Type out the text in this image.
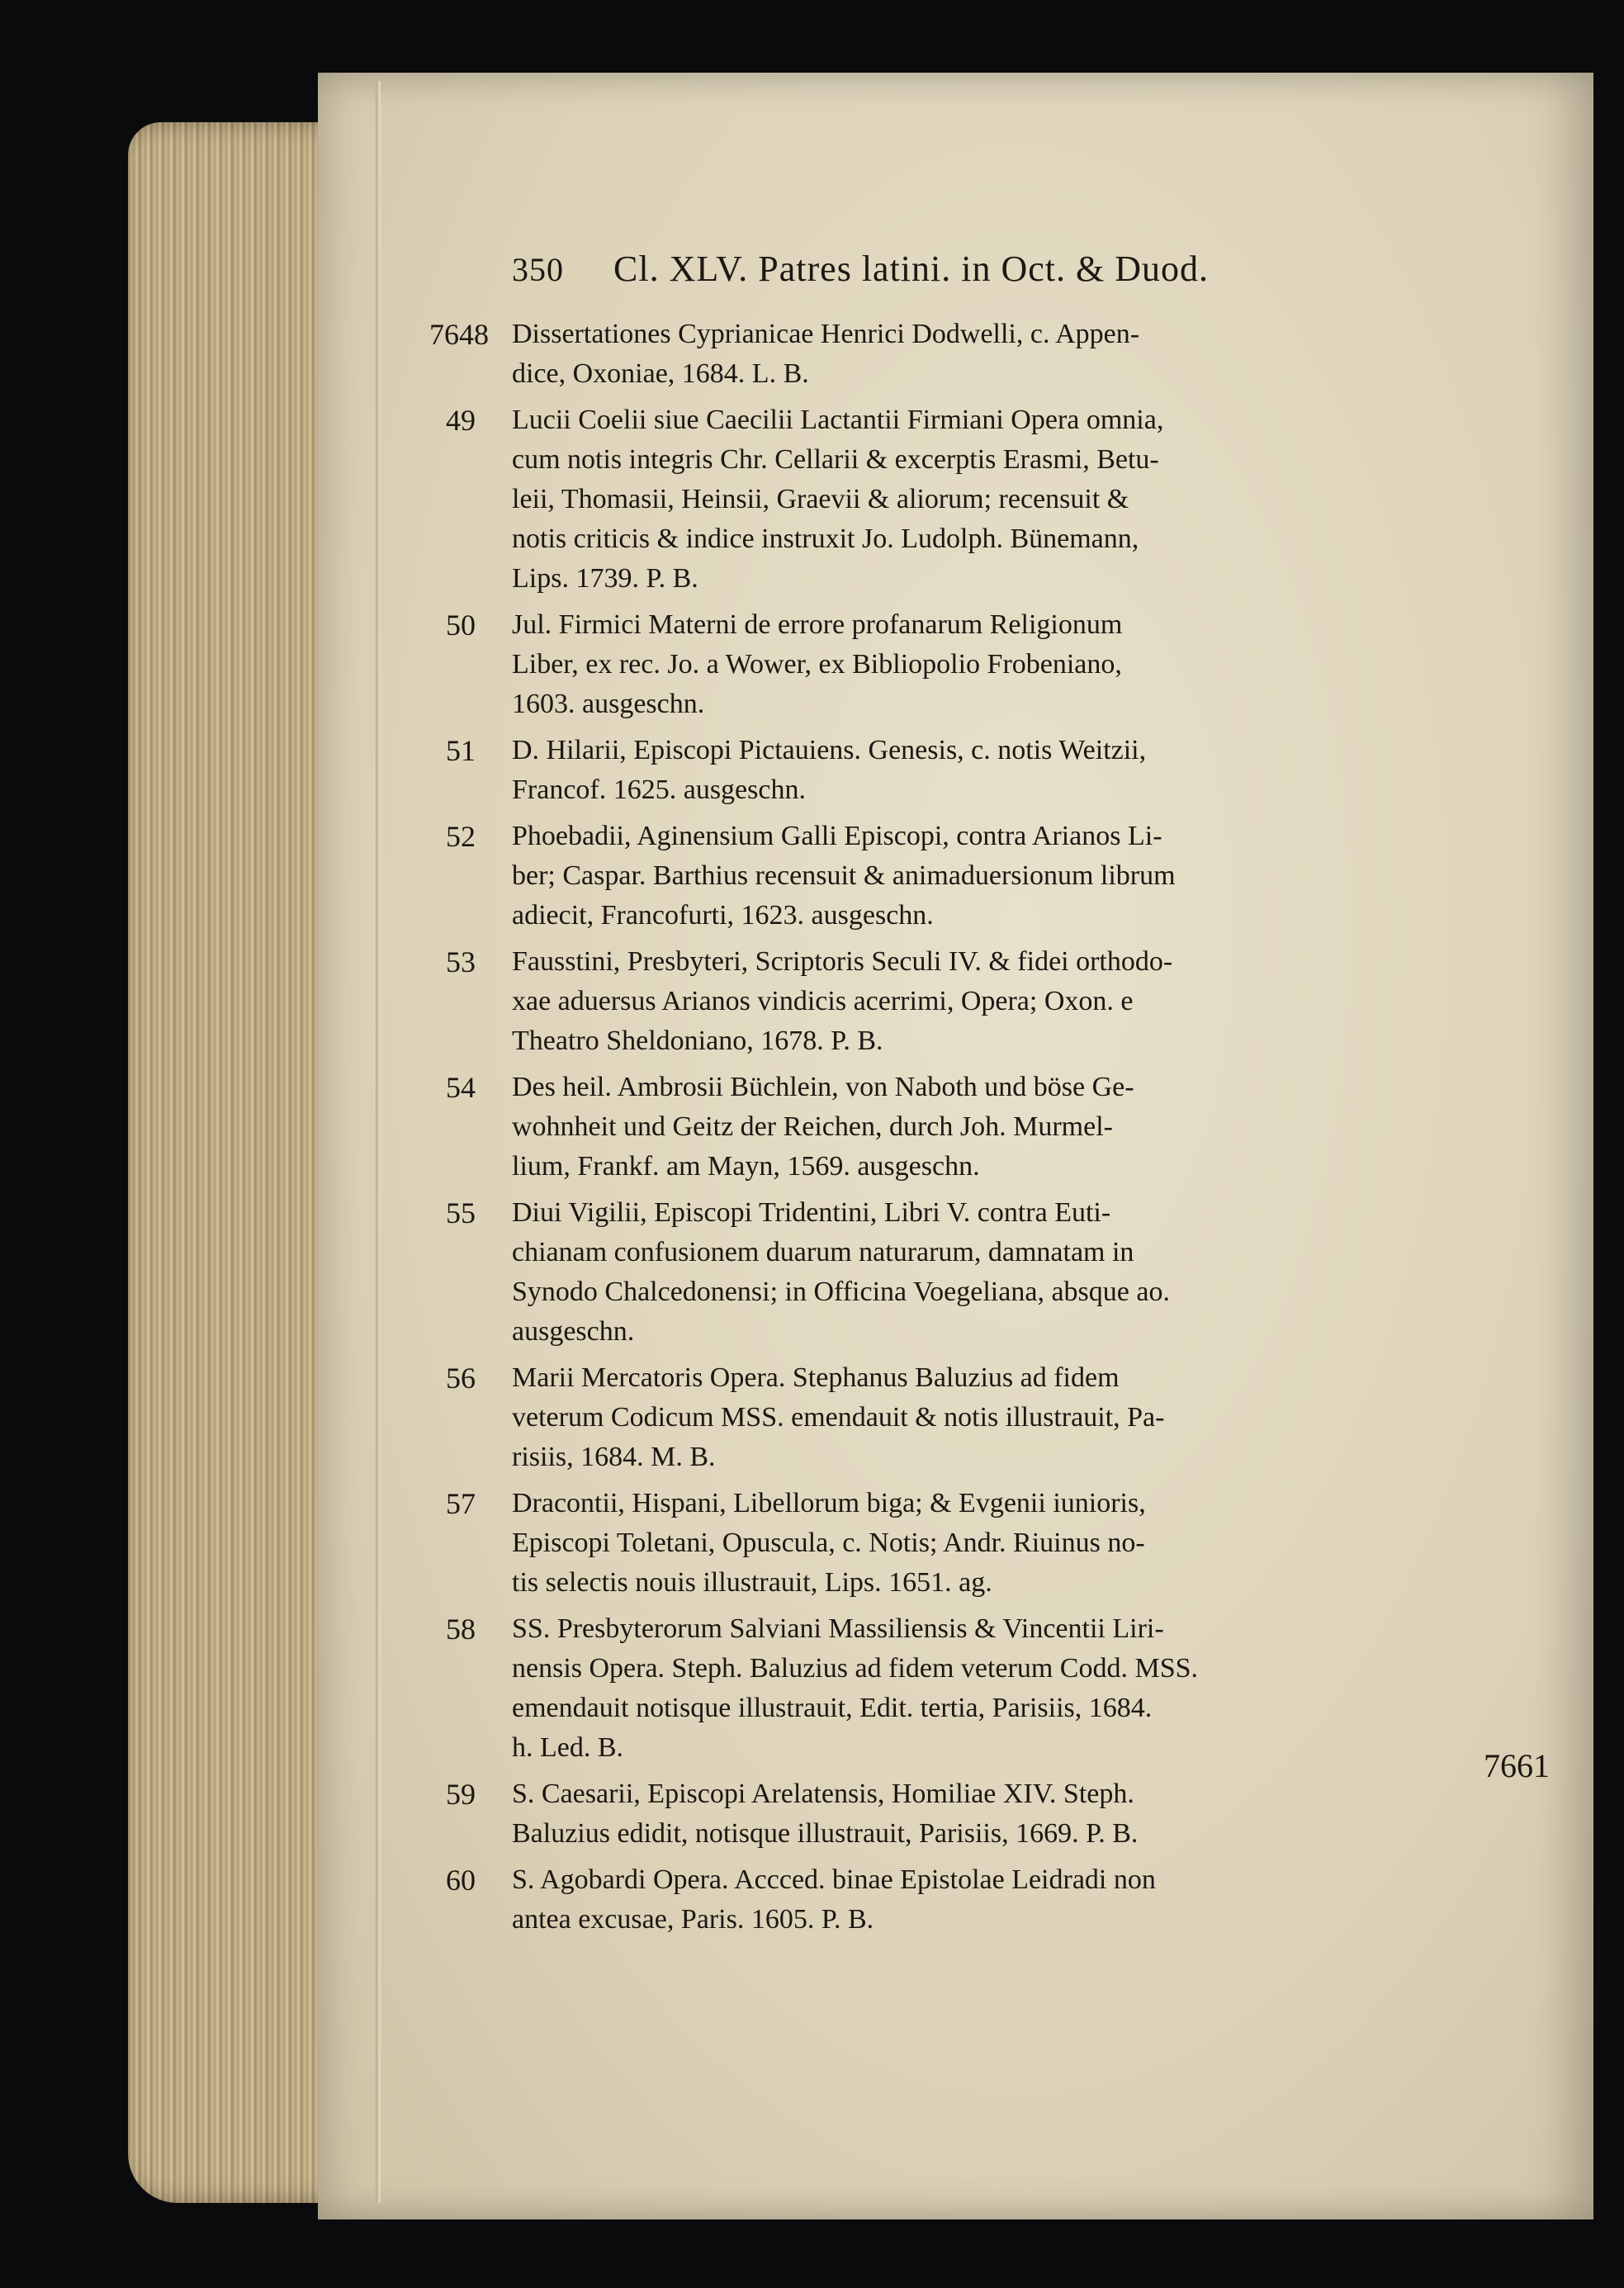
350 Cl. XLV. Patres latini. in Oct. & Duod.
7648 Dissertationes Cyprianicae Henrici Dodwelli, c. Appen-
dice, Oxoniae, 1684. L. B.
49	Lucii Coelii siue Caecilii Lactantii Firmiani Opera omnia,
cum notis integris Chr. Cellarii & excerptis Erasmi, Betu-
leii, Thomasii, Heinsii, Graevii & aliorum; recensuit &
notis criticis & indice instruxit Jo. Ludolph. Bünemann,
Lips. 1739. P. B.
50	Jul. Firmici Materni de errore profanarum Religionum
Liber, ex rec. Jo. a Wower, ex Bibliopolio Frobeniano,
1603. ausgeschn.
51	D. Hilarii, Episcopi Pictauiens. Genesis, c. notis Weitzii,
Francof. 1625. ausgeschn.
52	Phoebadii, Aginensium Galli Episcopi, contra Arianos Li-
ber; Caspar. Barthius recensuit & animaduersionum librum
adiecit, Francofurti, 1623. ausgeschn.
53	Fausstini, Presbyteri, Scriptoris Seculi IV. & fidei orthodo-
xae aduersus Arianos vindicis acerrimi, Opera; Oxon. e
Theatro Sheldoniano, 1678. P. B.
54	Des heil. Ambrosii Büchlein, von Naboth und böse Ge-
wohnheit und Geitz der Reichen, durch Joh. Murmel-
lium, Frankf. am Mayn, 1569. ausgeschn.
55	Diui Vigilii, Episcopi Tridentini, Libri V. contra Euti-
chianam confusionem duarum naturarum, damnatam in
Synodo Chalcedonensi; in Officina Voegeliana, absque ao.
ausgeschn.
56	Marii Mercatoris Opera. Stephanus Baluzius ad fidem
veterum Codicum MSS. emendauit & notis illustrauit, Pa-
risiis, 1684. M. B.
57	Dracontii, Hispani, Libellorum biga; & Evgenii iunioris,
Episcopi Toletani, Opuscula, c. Notis; Andr. Riuinus no-
tis selectis nouis illustrauit, Lips. 1651. ag.
58	SS. Presbyterorum Salviani Massiliensis & Vincentii Liri-
nensis Opera. Steph. Baluzius ad fidem veterum Codd. MSS.
emendauit notisque illustrauit, Edit. tertia, Parisiis, 1684.
h. Led. B.
59	S. Caesarii, Episcopi Arelatensis, Homiliae XIV. Steph.
Baluzius edidit, notisque illustrauit, Parisiis, 1669. P. B.
60	S. Agobardi Opera. Accced. binae Epistolae Leidradi non
antea excusae, Paris. 1605. P. B.
7661
